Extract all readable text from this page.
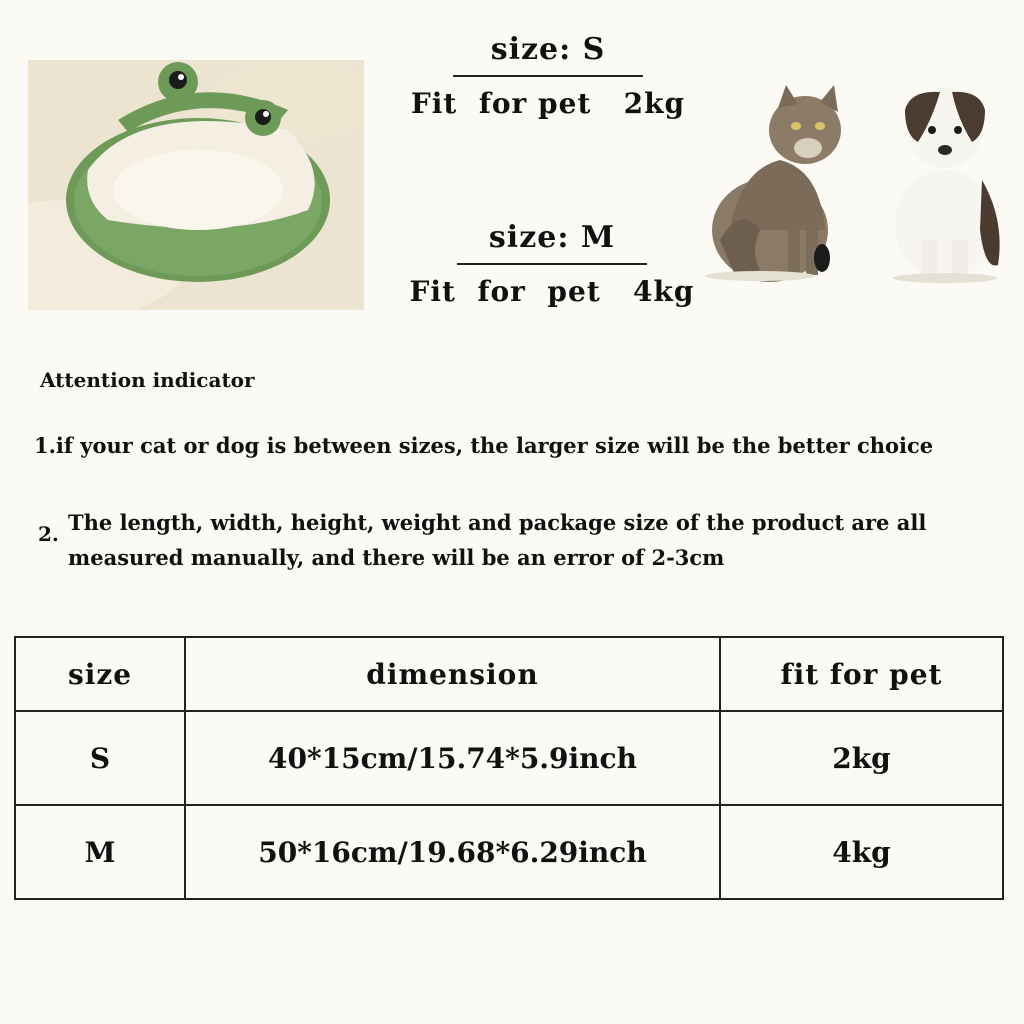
size: S
Fit  for pet   2kg
size: M
Fit  for  pet   4kg
Attention indicator
1.if your cat or dog is between sizes, the larger size will be the better choice
2. The length, width, height, weight and package size of the product are all measured manually, and there will be an error of 2-3cm
size	dimension	fit for pet
S	40*15cm/15.74*5.9inch	2kg
M	50*16cm/19.68*6.29inch	4kg
